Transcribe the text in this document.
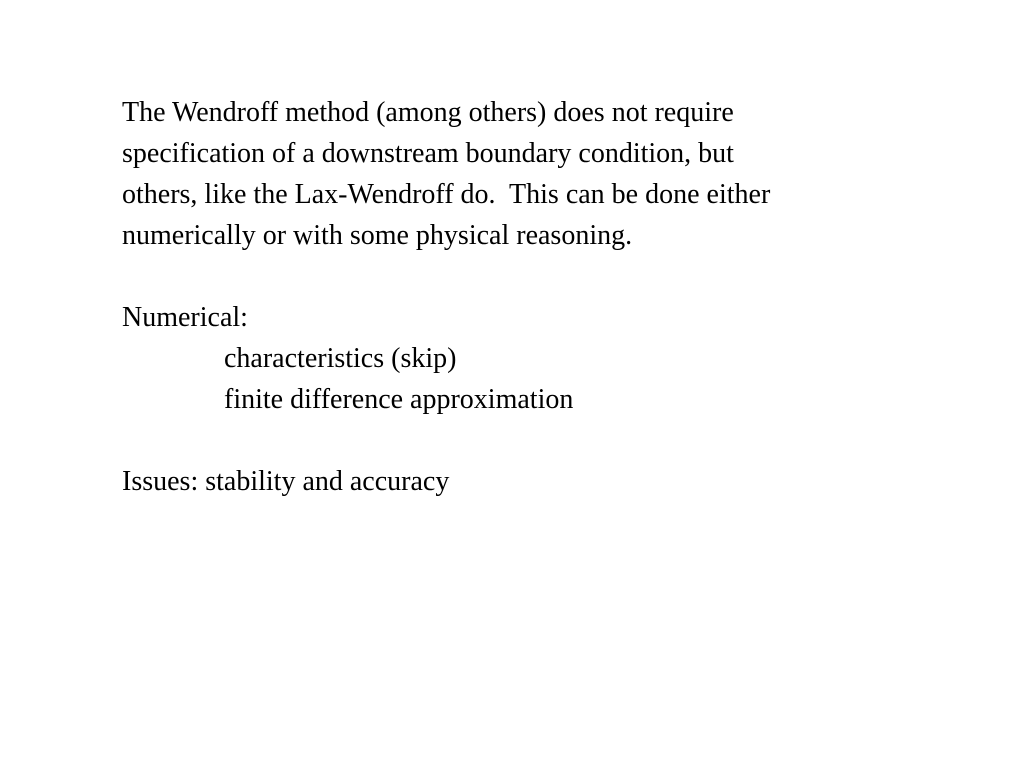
The Wendroff method (among others) does not require
specification of a downstream boundary condition, but
others, like the Lax-Wendroff do.  This can be done either
numerically or with some physical reasoning.
Numerical:
characteristics (skip)
finite difference approximation
Issues: stability and accuracy
